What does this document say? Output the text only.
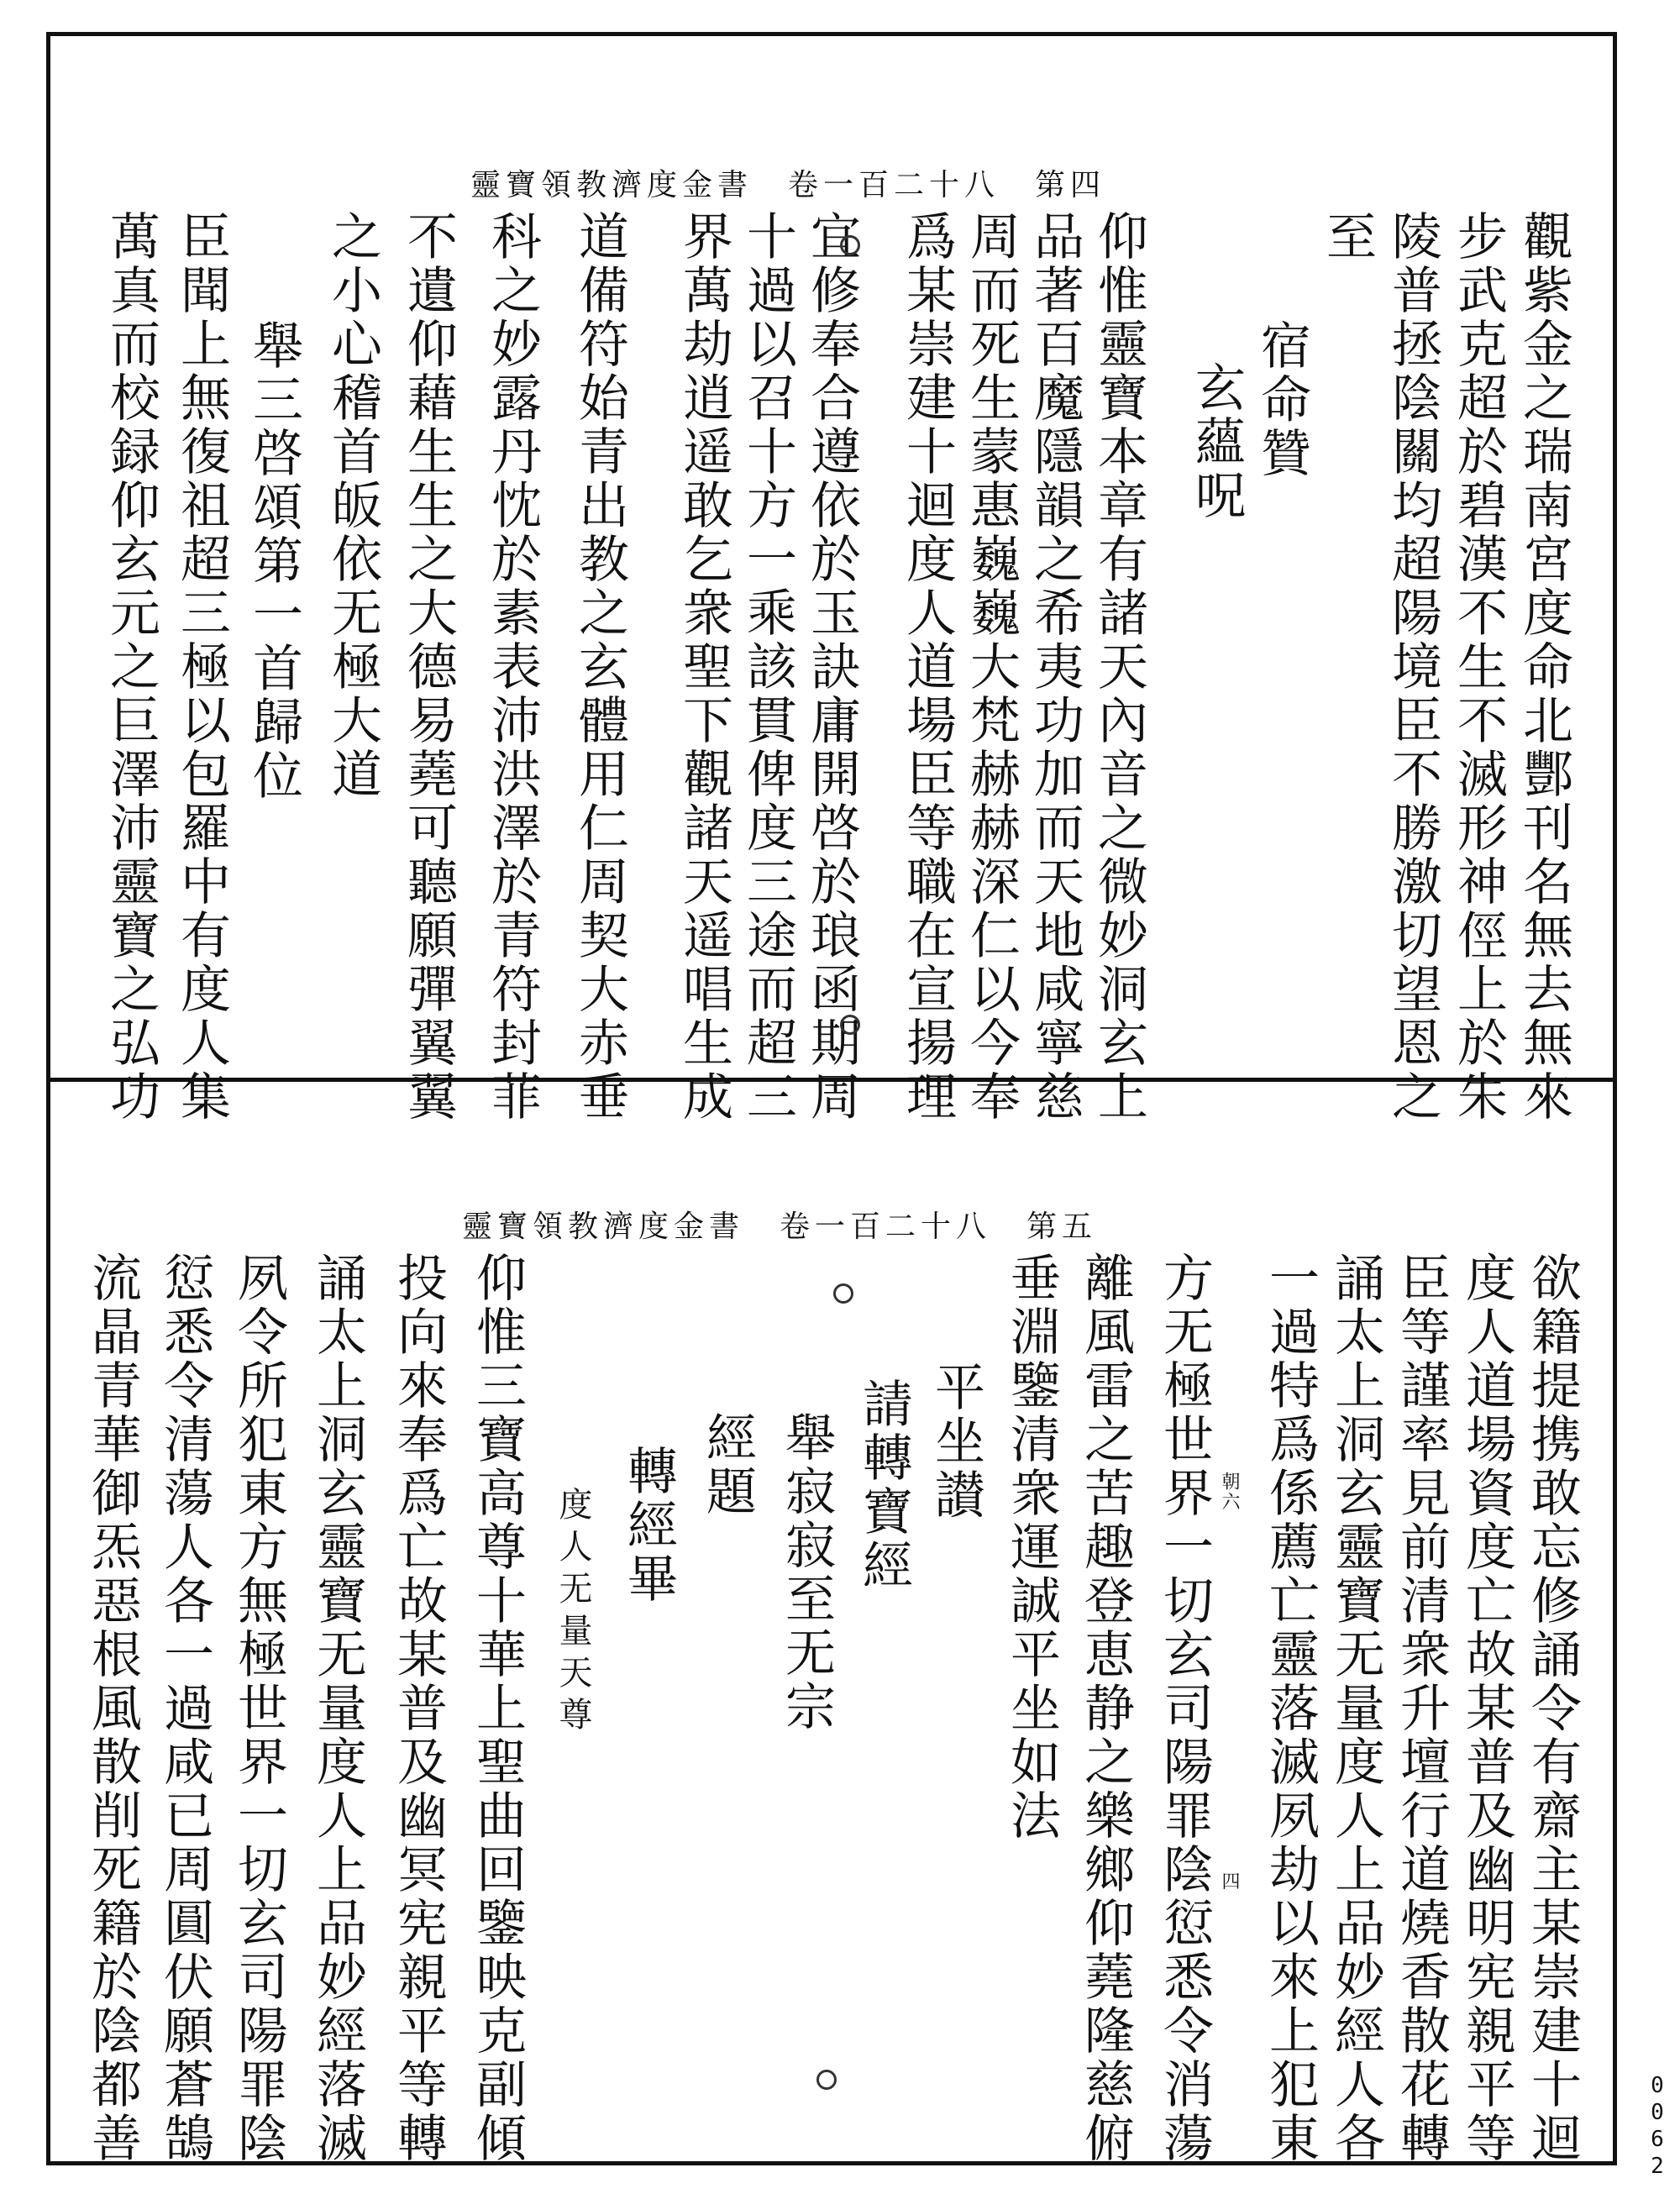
靈寶領教濟度金書　卷一百二十八　第四
觀紫金之瑞南宮度命北酆刊名無去無來
步武克超於碧漢不生不滅形神俓上於朱
陵普拯陰關均超陽境臣不勝激切望恩之
至
宿命贊
玄蘊呪
仰惟靈寶本章有諸天內音之微妙洞玄上
品著百魔隱韻之希夷功加而天地咸寧慈
周而死生蒙惠巍巍大梵赫赫深仁以今奉
爲某崇建十迴度人道場臣等職在宣揚理
宜修奉合遵依於玉訣庸開啓於琅函期周
十過以召十方一乘該貫俾度三途而超三
界萬劫逍遥敢乞衆聖下觀諸天遥唱生成
道備符始青出教之玄體用仁周契大赤垂
科之妙露丹忱於素表沛洪澤於青符封菲
不遺仰藉生生之大德易蕘可聽願彈翼翼
之小心稽首皈依无極大道
舉三啓頌第一首歸位
臣聞上無復祖超三極以包羅中有度人集
萬真而校録仰玄元之巨澤沛靈寶之弘功
靈寶領教濟度金書　卷一百二十八　第五
欲籍提携敢忘修誦令有齋主某崇建十迴
度人道場資度亡故某普及幽明宪親平等
臣等謹率見前清衆升壇行道燒香散花轉
誦太上洞玄靈寶无量度人上品妙經人各
一過特爲係薦亡靈落滅夙劫以來上犯東
朝六
方无極世界一切玄司陽罪陰愆悉令消蕩 四
離風雷之苦趣登恵静之樂鄉仰蕘隆慈俯
垂淵鑒清衆運誠平坐如法
平坐讃
請轉寶經
舉寂寂至无宗
經題
轉經畢
度人无量天尊
仰惟三寶高尊十華上聖曲回鑒映克副傾
投向來奉爲亡故某普及幽冥宪親平等轉
誦太上洞玄靈寶无量度人上品妙經落滅
夙令所犯東方無極世界一切玄司陽罪陰
愆悉令清蕩人各一過咸已周圓伏願蒼鵠
流晶青華御炁惡根風散削死籍於陰都善	0062
